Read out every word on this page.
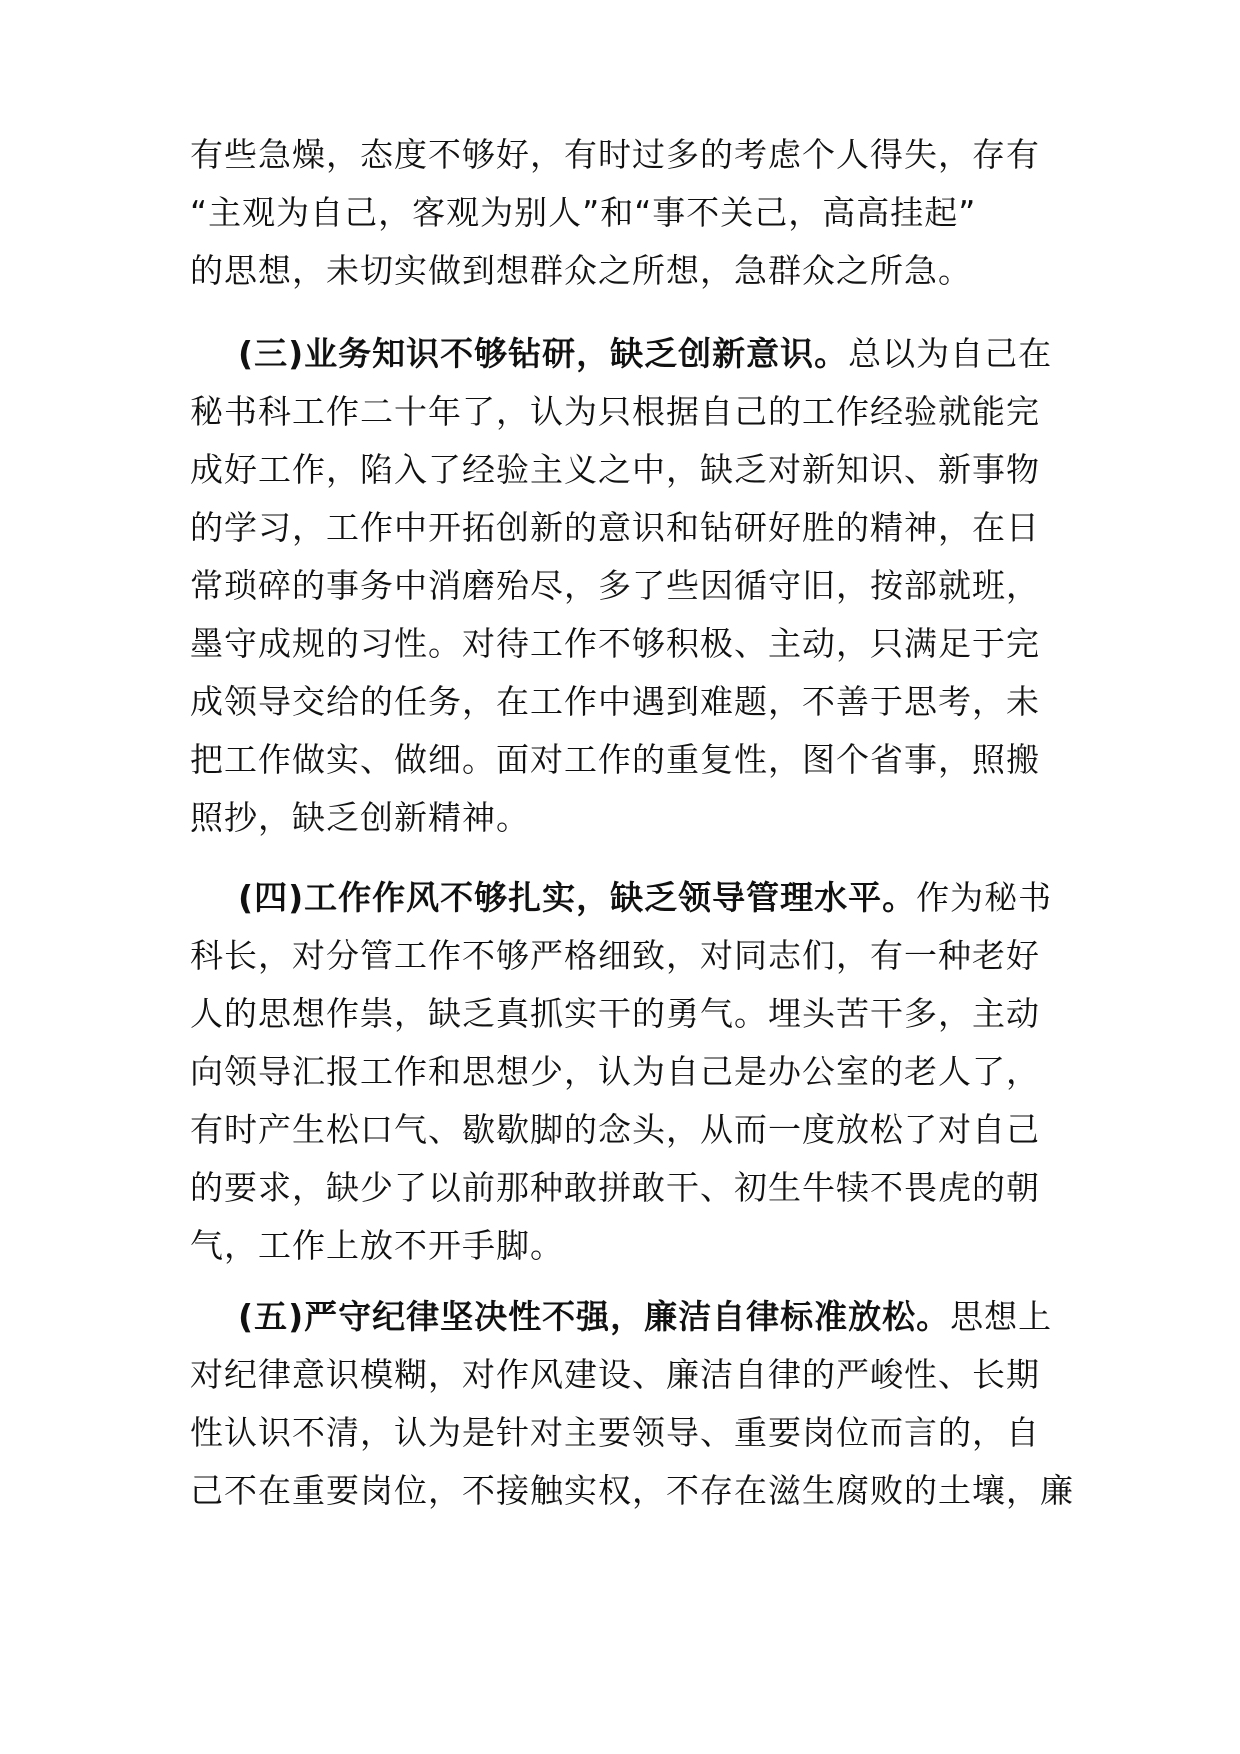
有些急燥，态度不够好，有时过多的考虑个人得失，存有
“主观为自己，客观为别人”和“事不关己，高高挂起”
的思想，未切实做到想群众之所想，急群众之所急。
(三)业务知识不够钻研，缺乏创新意识。总以为自己在
秘书科工作二十年了，认为只根据自己的工作经验就能完
成好工作，陷入了经验主义之中，缺乏对新知识、新事物
的学习，工作中开拓创新的意识和钻研好胜的精神，在日
常琐碎的事务中消磨殆尽，多了些因循守旧，按部就班，
墨守成规的习性。对待工作不够积极、主动，只满足于完
成领导交给的任务，在工作中遇到难题，不善于思考，未
把工作做实、做细。面对工作的重复性，图个省事，照搬
照抄，缺乏创新精神。
(四)工作作风不够扎实，缺乏领导管理水平。作为秘书
科长，对分管工作不够严格细致，对同志们，有一种老好
人的思想作祟，缺乏真抓实干的勇气。埋头苦干多，主动
向领导汇报工作和思想少，认为自己是办公室的老人了，
有时产生松口气、歇歇脚的念头，从而一度放松了对自己
的要求，缺少了以前那种敢拼敢干、初生牛犊不畏虎的朝
气，工作上放不开手脚。
(五)严守纪律坚决性不强，廉洁自律标准放松。思想上
对纪律意识模糊，对作风建设、廉洁自律的严峻性、长期
性认识不清，认为是针对主要领导、重要岗位而言的，自
己不在重要岗位，不接触实权，不存在滋生腐败的土壤，廉
